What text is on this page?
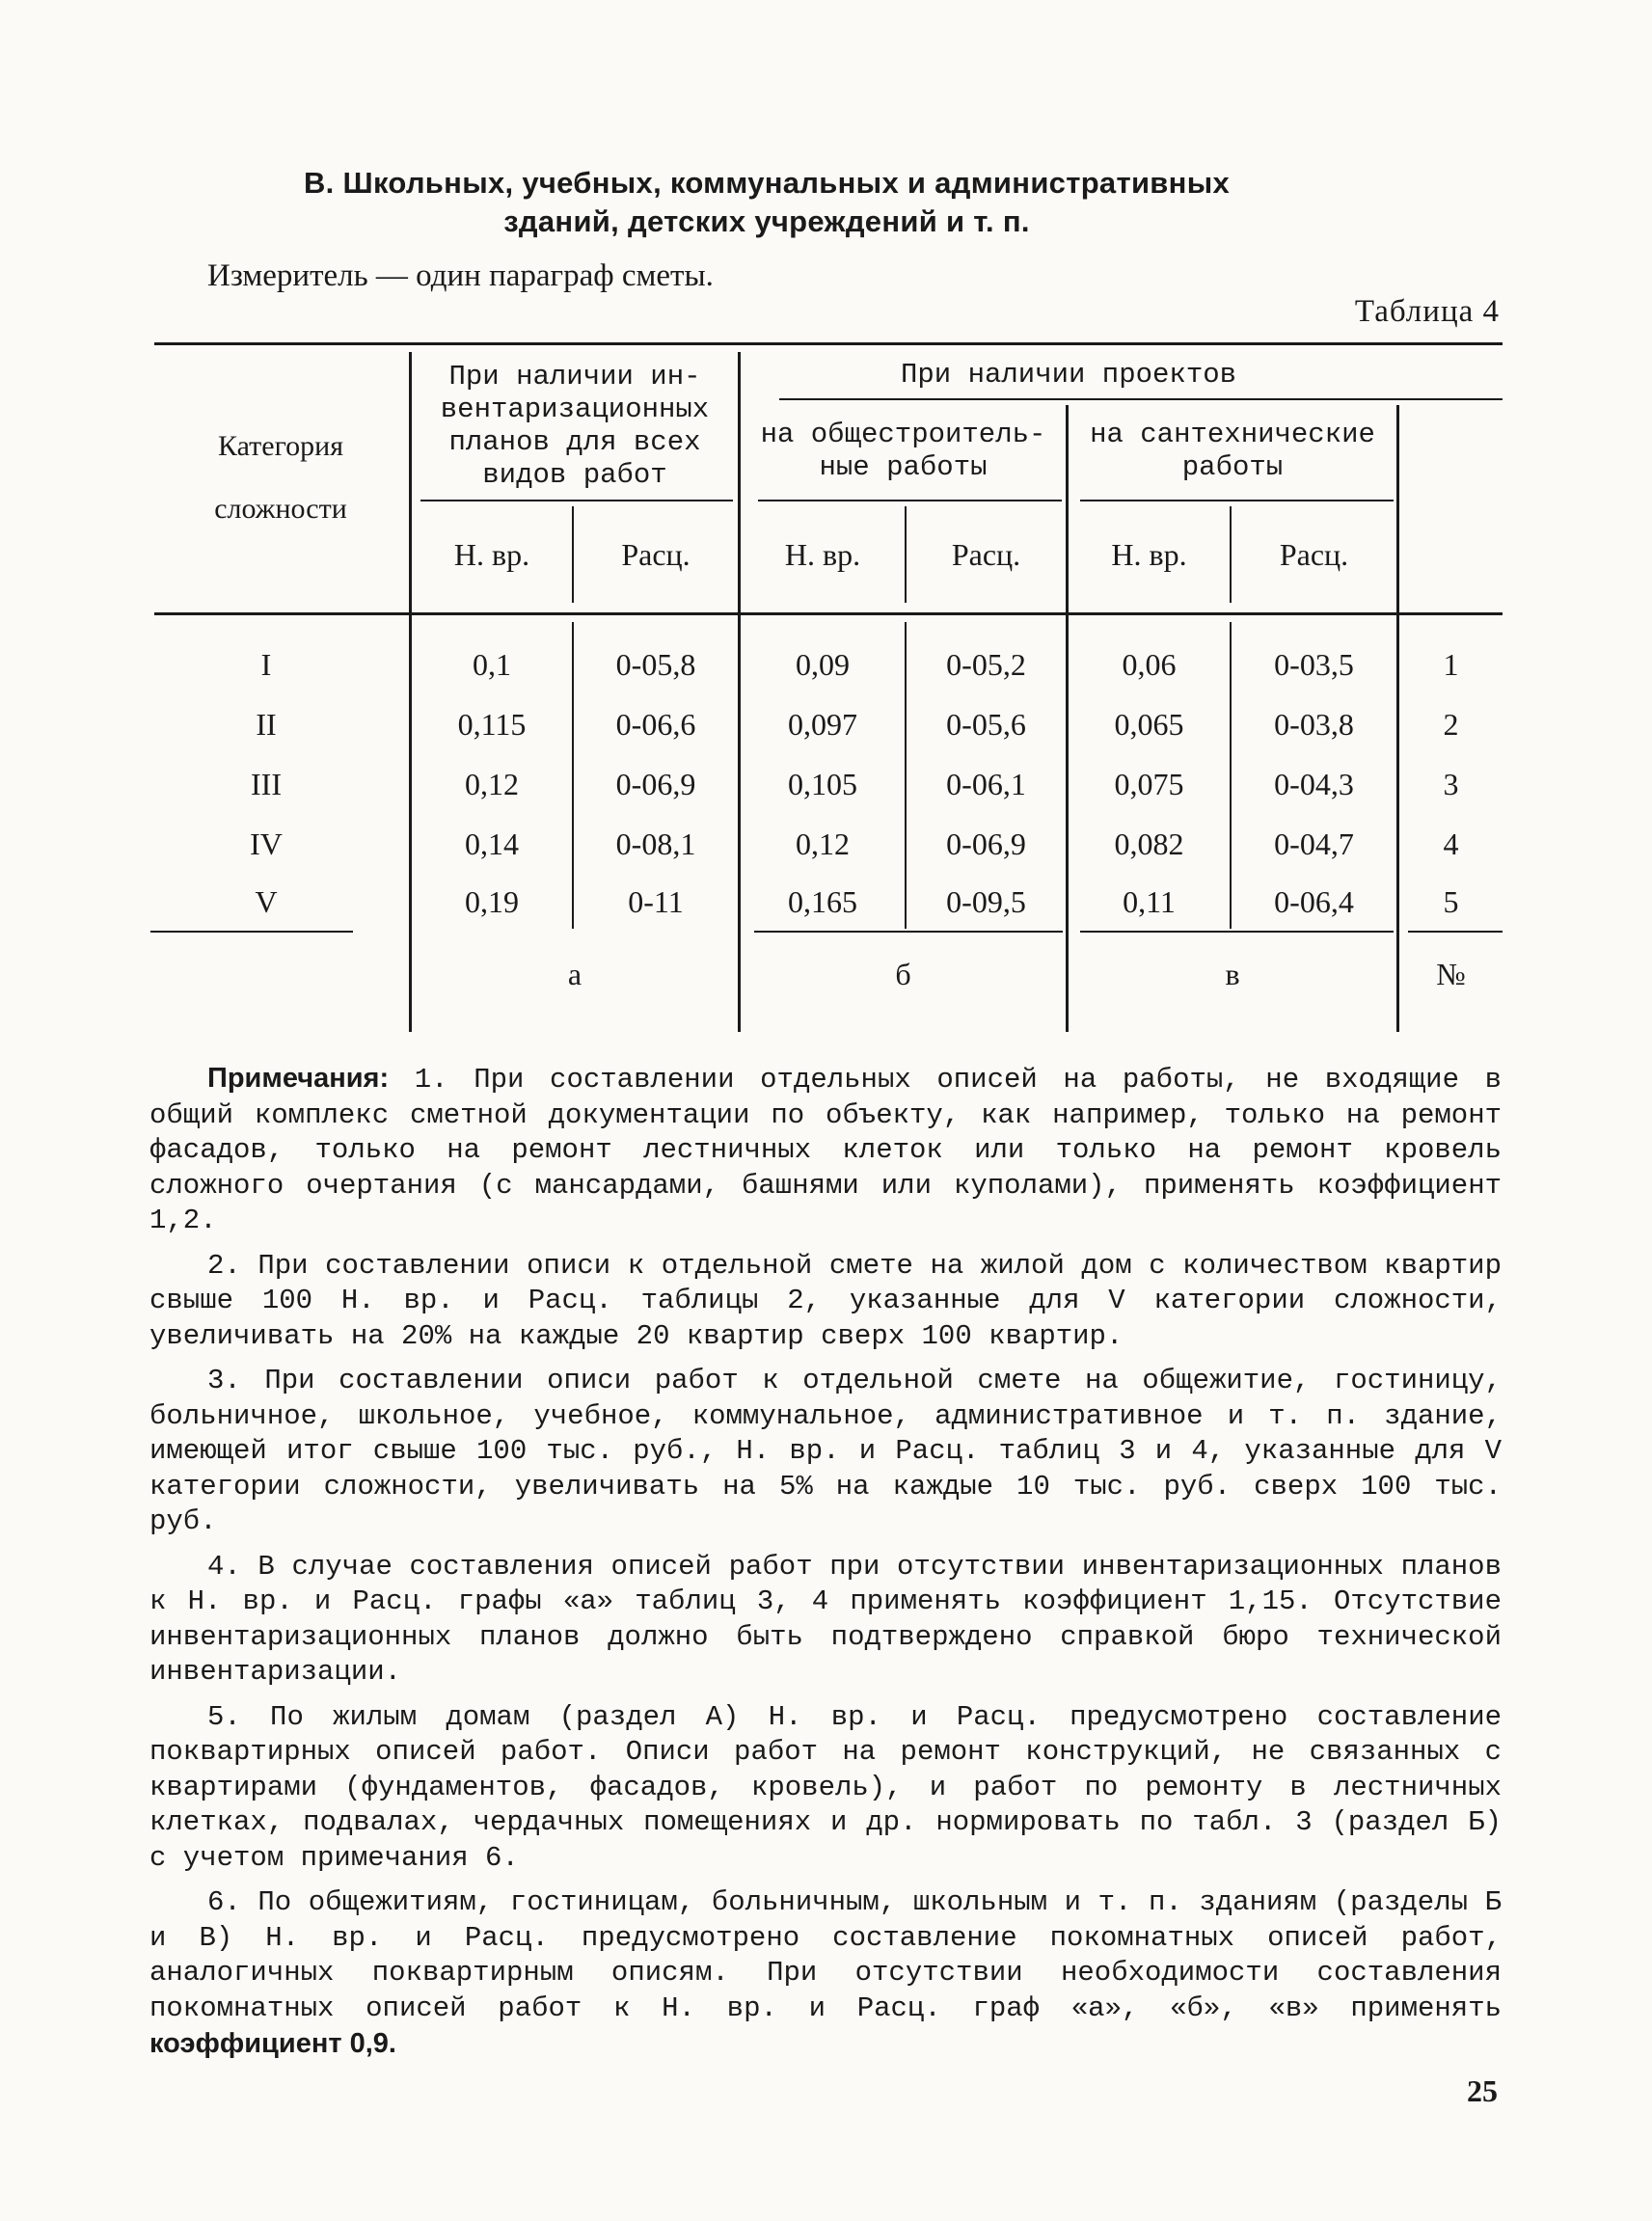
В. Школьных, учебных, коммунальных и административных
зданий, детских учреждений и т. п.
Измеритель — один параграф сметы.
Таблица 4
Категория
сложности
При наличии ин-
вентаризационных
планов для всех
видов работ
При наличии проектов
на общестроитель-
ные работы
на сантехнические
работы
Н. вр.	Расц.	Н. вр.	Расц.	Н. вр.	Расц.
I	0,1	0-05,8	0,09	0-05,2	0,06	0-03,5	1
II	0,115	0-06,6	0,097	0-05,6	0,065	0-03,8	2
III	0,12	0-06,9	0,105	0-06,1	0,075	0-04,3	3
IV	0,14	0-08,1	0,12	0-06,9	0,082	0-04,7	4
V	0,19	0-11	0,165	0-09,5	0,11	0-06,4	5
а	б	в	№

Примечания: 1. При составлении отдельных описей на работы, не входящие в общий комплекс сметной документации по объекту, как например, только на ремонт фасадов, только на ремонт лестничных клеток или только на ремонт кровель сложного очертания (с мансардами, башнями или куполами), применять коэффициент 1,2.

2. При составлении описи к отдельной смете на жилой дом с количеством квартир свыше 100 Н. вр. и Расц. таблицы 2, указанные для V категории сложности, увеличивать на 20% на каждые 20 квартир сверх 100 квартир.

3. При составлении описи работ к отдельной смете на общежитие, гостиницу, больничное, школьное, учебное, коммунальное, административное и т. п. здание, имеющей итог свыше 100 тыс. руб., Н. вр. и Расц. таблиц 3 и 4, указанные для V категории сложности, увеличивать на 5% на каждые 10 тыс. руб. сверх 100 тыс. руб.

4. В случае составления описей работ при отсутствии инвентаризационных планов к Н. вр. и Расц. графы «а» таблиц 3, 4 применять коэффициент 1,15. Отсутствие инвентаризационных планов должно быть подтверждено справкой бюро технической инвентаризации.

5. По жилым домам (раздел А) Н. вр. и Расц. предусмотрено составление поквартирных описей работ. Описи работ на ремонт конструкций, не связанных с квартирами (фундаментов, фасадов, кровель), и работ по ремонту в лестничных клетках, подвалах, чердачных помещениях и др. нормировать по табл. 3 (раздел Б) с учетом примечания 6.

6. По общежитиям, гостиницам, больничным, школьным и т. п. зданиям (разделы Б и В) Н. вр. и Расц. предусмотрено составление покомнатных описей работ, аналогичных поквартирным описям. При отсутствии необходимости составления покомнатных описей работ к Н. вр. и Расц. граф «а», «б», «в» применять коэффициент 0,9.

25
